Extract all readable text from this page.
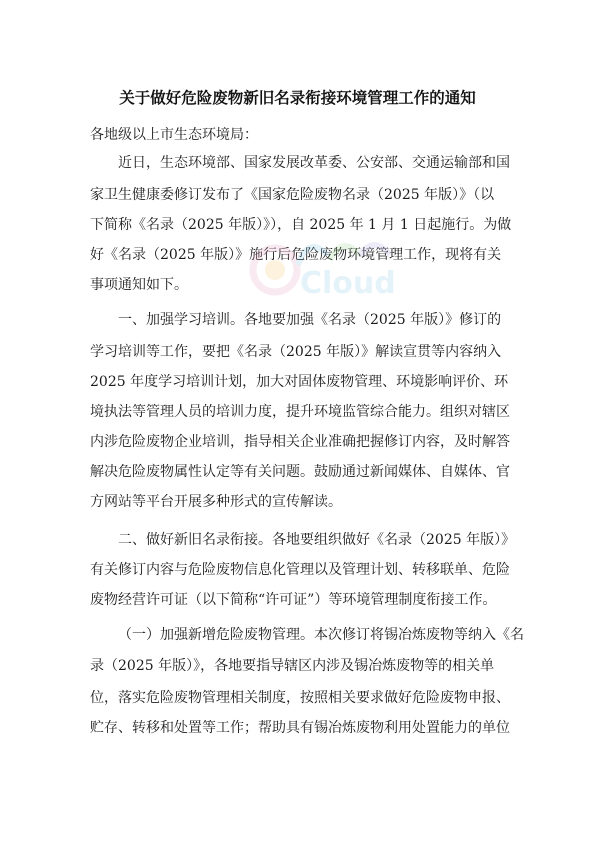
关于做好危险废物新旧名录衔接环境管理工作的通知
各地级以上市生态环境局：
近日，生态环境部、国家发展改革委、公安部、交通运输部和国
家卫生健康委修订发布了《国家危险废物名录（2025 年版）》（以
下简称《名录（2025 年版）》），自 2025 年 1 月 1 日起施行。为做
好《名录（2025 年版）》施行后危险废物环境管理工作，现将有关
事项通知如下。
一、加强学习培训。各地要加强《名录（2025 年版）》修订的
学习培训等工作，要把《名录（2025 年版）》解读宣贯等内容纳入
2025 年度学习培训计划，加大对固体废物管理、环境影响评价、环
境执法等管理人员的培训力度，提升环境监管综合能力。组织对辖区
内涉危险废物企业培训，指导相关企业准确把握修订内容，及时解答
解决危险废物属性认定等有关问题。鼓励通过新闻媒体、自媒体、官
方网站等平台开展多种形式的宣传解读。
二、做好新旧名录衔接。各地要组织做好《名录（2025 年版）》
有关修订内容与危险废物信息化管理以及管理计划、转移联单、危险
废物经营许可证（以下简称“许可证”）等环境管理制度衔接工作。
（一）加强新增危险废物管理。本次修订将锡冶炼废物等纳入《名
录（2025 年版）》，各地要指导辖区内涉及锡冶炼废物等的相关单
位，落实危险废物管理相关制度，按照相关要求做好危险废物申报、
贮存、转移和处置等工作；帮助具有锡冶炼废物利用处置能力的单位
Cloud
